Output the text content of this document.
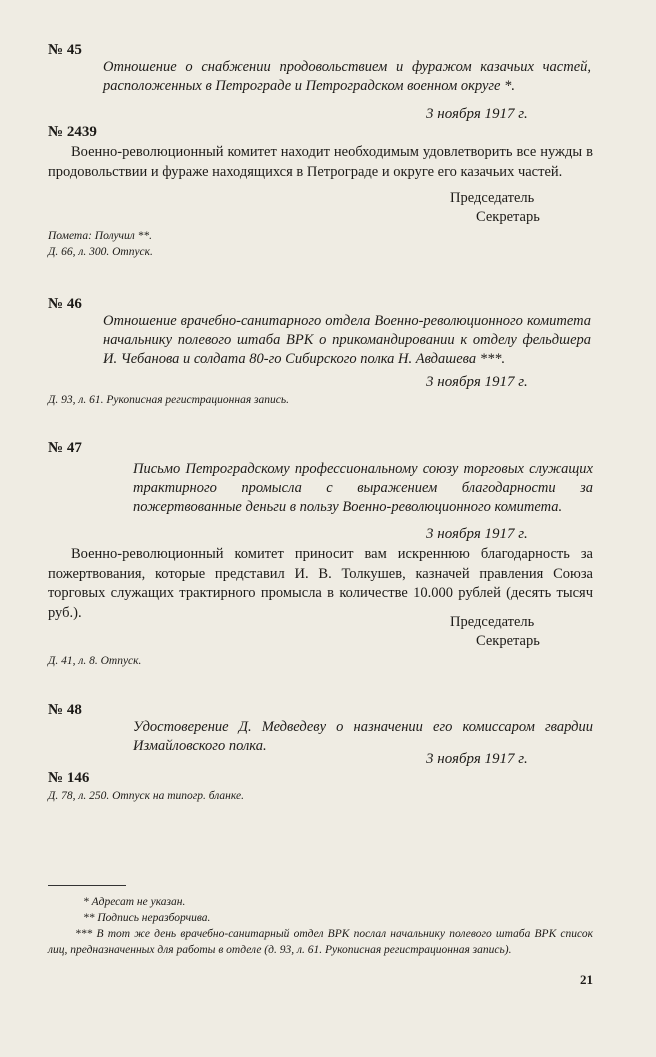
№ 45
Отношение о снабжении продовольствием и фуражом казачьих частей, расположенных в Петрограде и Петроградском военном округе *.
3 ноября 1917 г.
№ 2439
Военно-революционный комитет находит необходимым удовлетворить все нужды в продовольствии и фураже находящихся в Петрограде и округе его казачьих частей.
Председатель
Секретарь
Помета: Получил **.
Д. 66, л. 300. Отпуск.
№ 46
Отношение врачебно-санитарного отдела Военно-революционного комитета начальнику полевого штаба ВРК о прикомандировании к отделу фельдшера И. Чебанова и солдата 80-го Сибирского полка Н. Авдашева ***.
3 ноября 1917 г.
Д. 93, л. 61. Рукописная регистрационная запись.
№ 47
Письмо Петроградскому профессиональному союзу торговых служащих трактирного промысла с выражением благодарности за пожертвованные деньги в пользу Военно-революционного комитета.
3 ноября 1917 г.
Военно-революционный комитет приносит вам искреннюю благодарность за пожертвования, которые представил И. В. Толкушев, казначей правления Союза торговых служащих трактирного промысла в количестве 10.000 рублей (десять тысяч руб.).
Председатель
Секретарь
Д. 41, л. 8. Отпуск.
№ 48
Удостоверение Д. Медведеву о назначении его комиссаром гвардии Измайловского полка.
3 ноября 1917 г.
№ 146
Д. 78, л. 250. Отпуск на типогр. бланке.
* Адресат не указан.
** Подпись неразборчива.
*** В тот же день врачебно-санитарный отдел ВРК послал начальнику полевого штаба ВРК список лиц, предназначенных для работы в отделе (д. 93, л. 61. Рукописная регистрационная запись).
21
